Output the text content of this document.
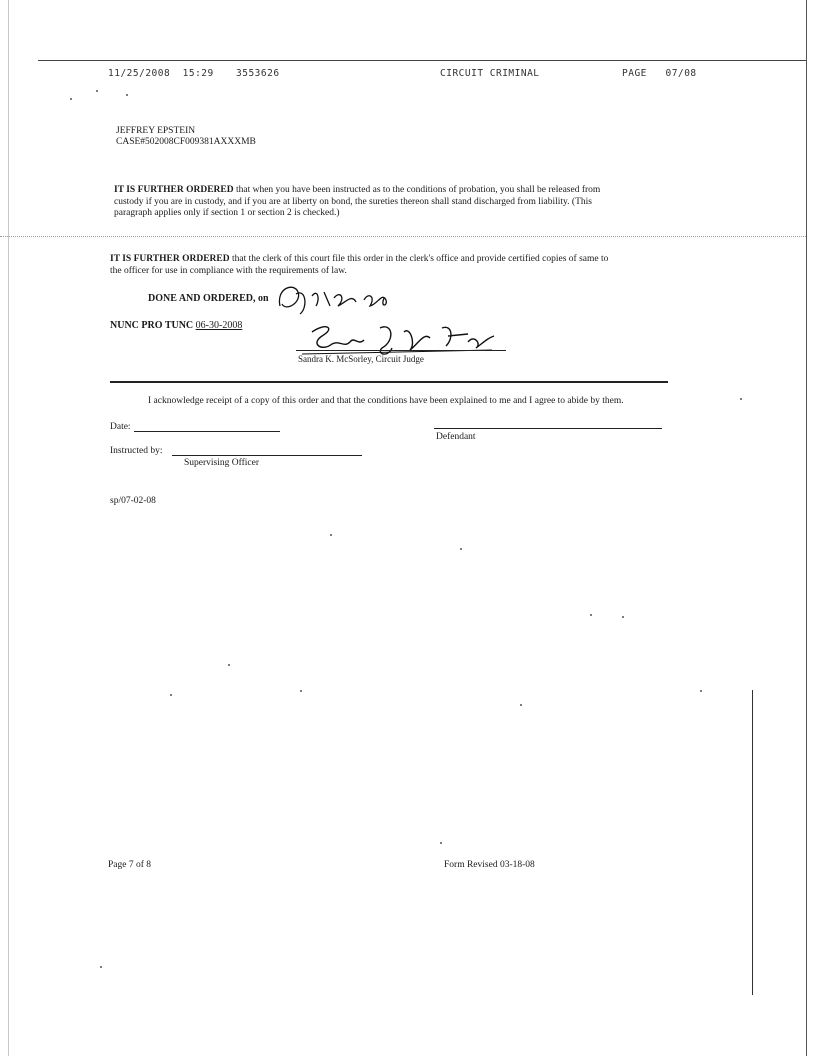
11/25/2008  15:29 3553626	CIRCUIT CRIMINAL	PAGE   07/08
JEFFREY EPSTEIN
CASE#502008CF009381AXXXMB
IT IS FURTHER ORDERED that when you have been instructed as to the conditions of probation, you shall be released from
custody if you are in custody, and if you are at liberty on bond, the sureties thereon shall stand discharged from liability. (This
paragraph applies only if section 1 or section 2 is checked.)
IT IS FURTHER ORDERED that the clerk of this court file this order in the clerk's office and provide certified copies of same to
the officer for use in compliance with the requirements of law.
DONE AND ORDERED, on
NUNC PRO TUNC 06-30-2008
Sandra K. McSorley, Circuit Judge
I acknowledge receipt of a copy of this order and that the conditions have been explained to me and I agree to abide by them.
Date:
Defendant
Instructed by:
Supervising Officer
sp/07-02-08
Page 7 of 8	Form Revised 03-18-08
